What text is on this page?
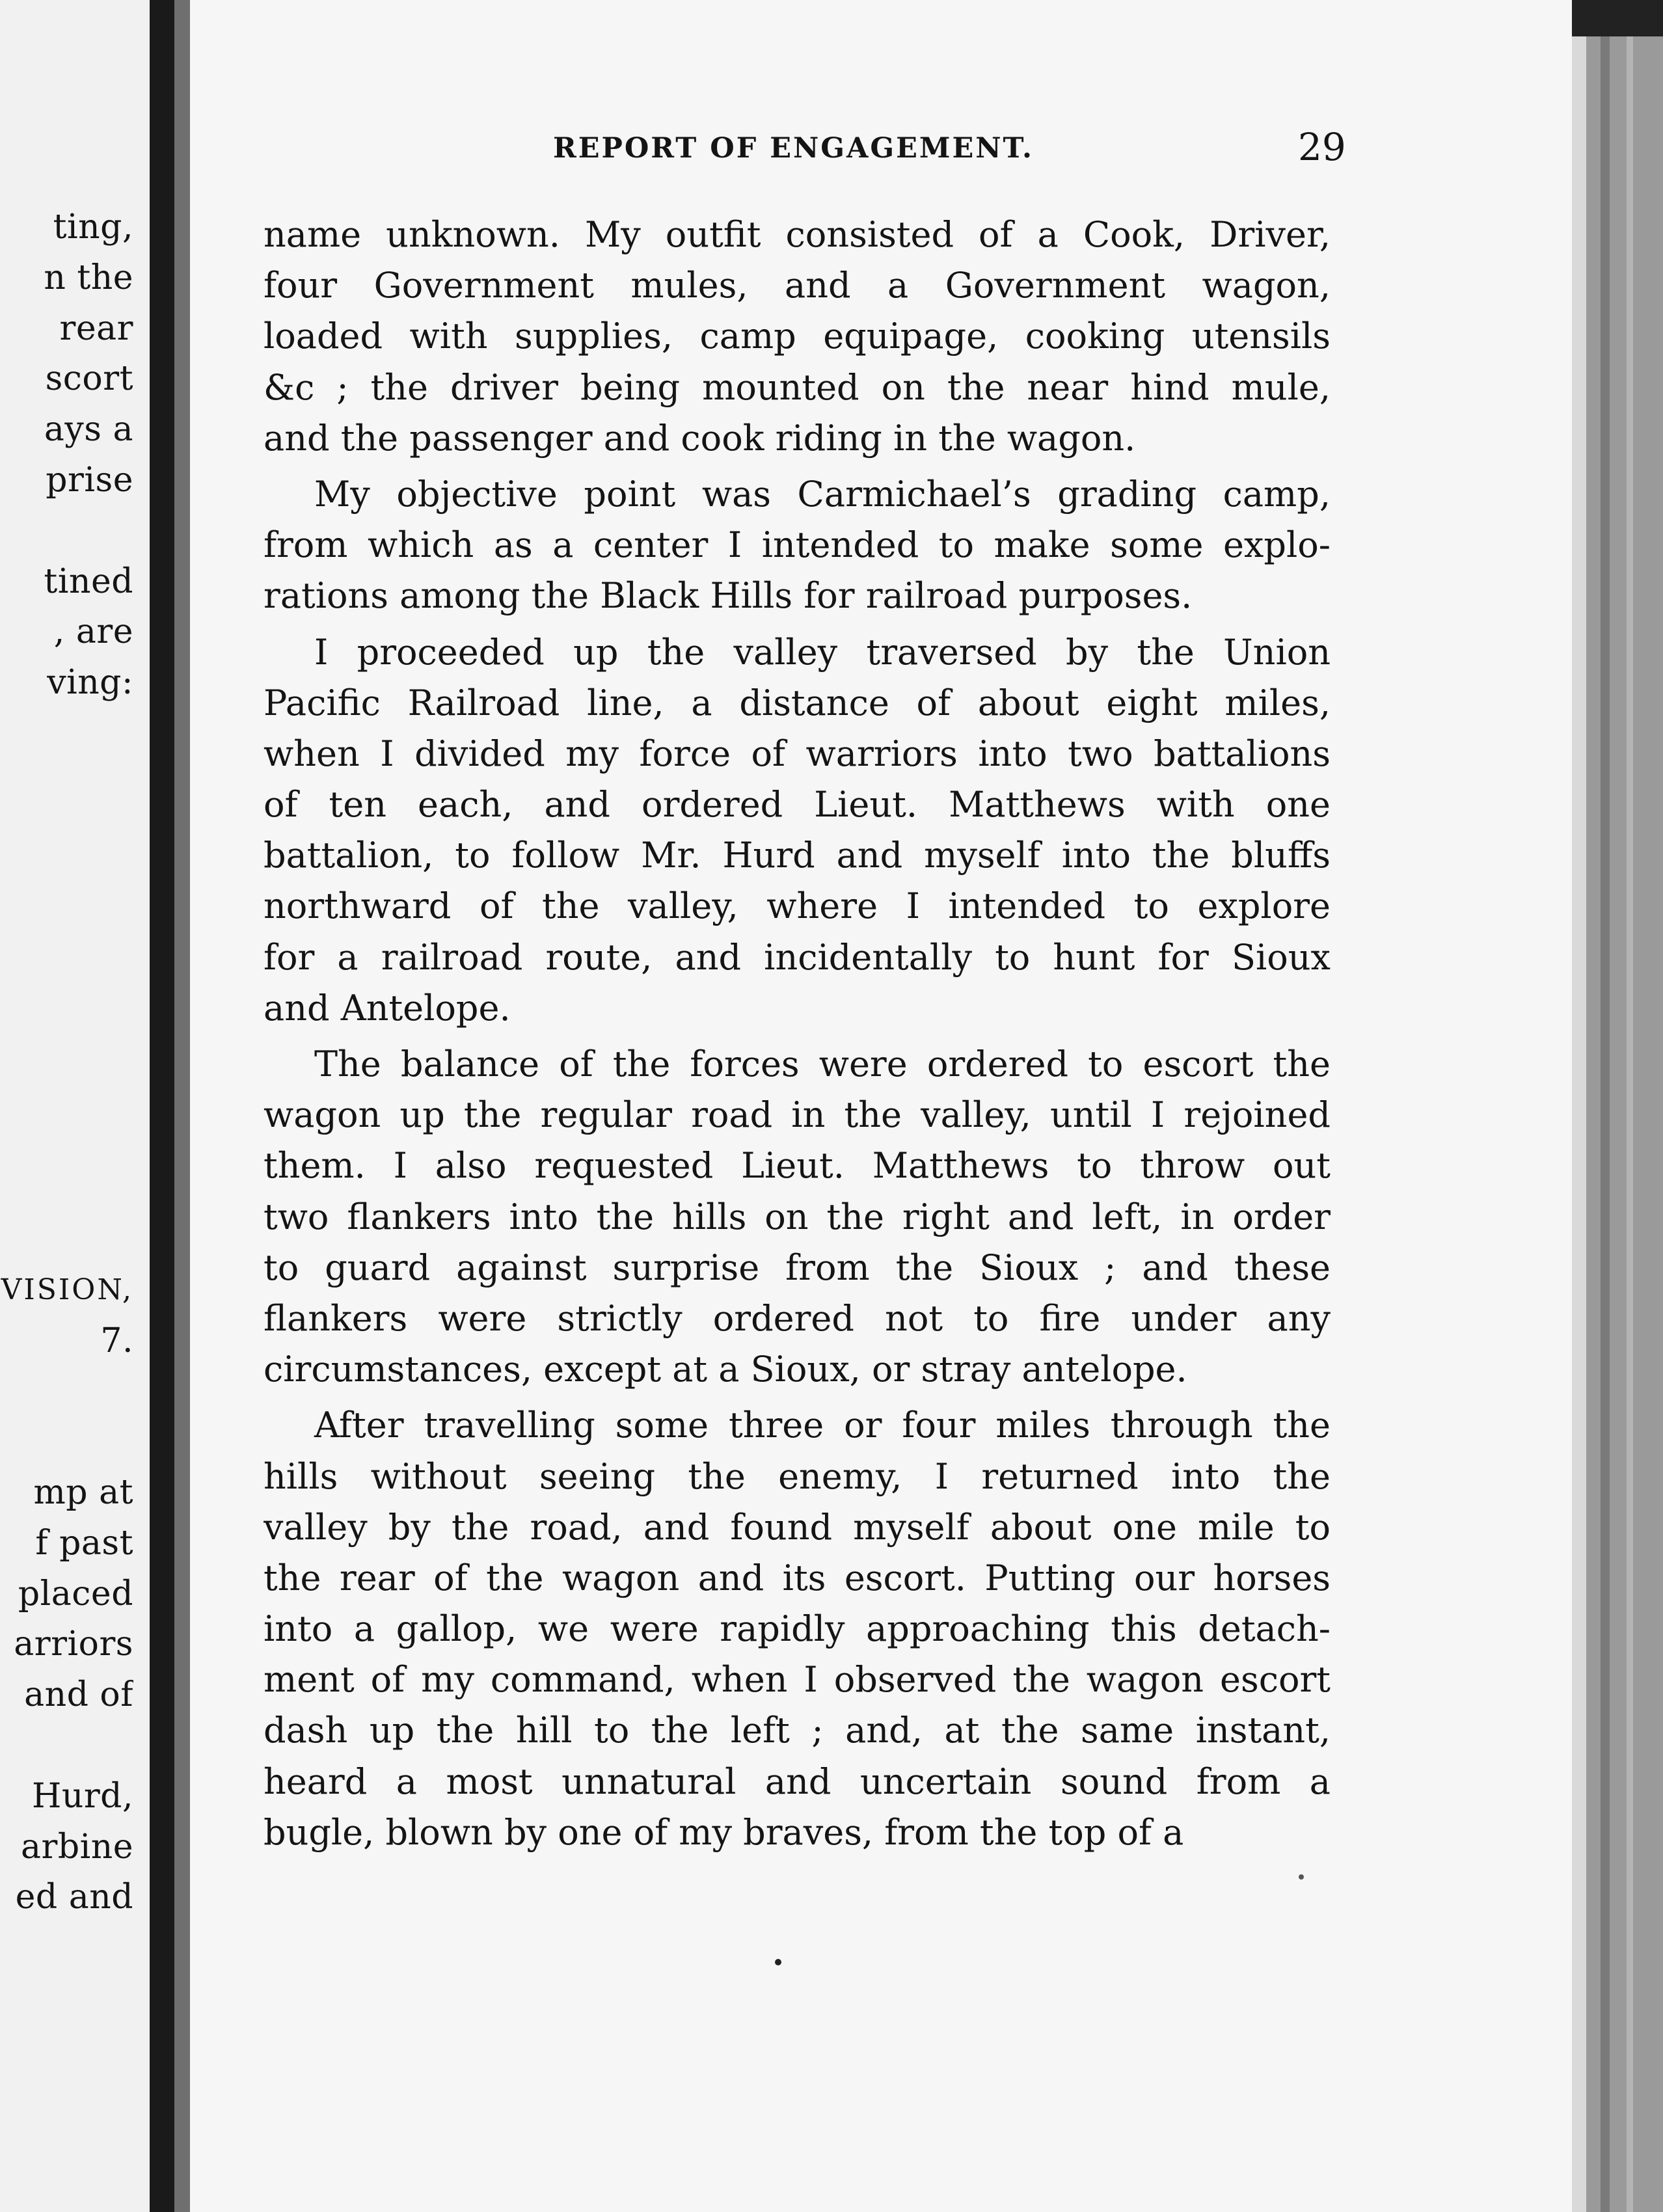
ting,
n the
rear
scort
ays a
prise
tined
, are
ving:
VISION,
7.
mp at
f past
placed
arriors
and of
Hurd,
arbine
ed and
REPORT OF ENGAGEMENT.	29
name unknown. My outfit consisted of a Cook, Driver,
four Government mules, and a Government wagon,
loaded with supplies, camp equipage, cooking utensils
&c ; the driver being mounted on the near hind mule,
and the passenger and cook riding in the wagon.
My objective point was Carmichael’s grading camp,
from which as a center I intended to make some explo-
rations among the Black Hills for railroad purposes.
I proceeded up the valley traversed by the Union
Pacific Railroad line, a distance of about eight miles,
when I divided my force of warriors into two battalions
of ten each, and ordered Lieut. Matthews with one
battalion, to follow Mr. Hurd and myself into the bluffs
northward of the valley, where I intended to explore
for a railroad route, and incidentally to hunt for Sioux
and Antelope.
The balance of the forces were ordered to escort the
wagon up the regular road in the valley, until I rejoined
them. I also requested Lieut. Matthews to throw out
two flankers into the hills on the right and left, in order
to guard against surprise from the Sioux ; and these
flankers were strictly ordered not to fire under any
circumstances, except at a Sioux, or stray antelope.
After travelling some three or four miles through the
hills without seeing the enemy, I returned into the
valley by the road, and found myself about one mile to
the rear of the wagon and its escort. Putting our horses
into a gallop, we were rapidly approaching this detach-
ment of my command, when I observed the wagon escort
dash up the hill to the left ; and, at the same instant,
heard a most unnatural and uncertain sound from a
bugle, blown by one of my braves, from the top of a
